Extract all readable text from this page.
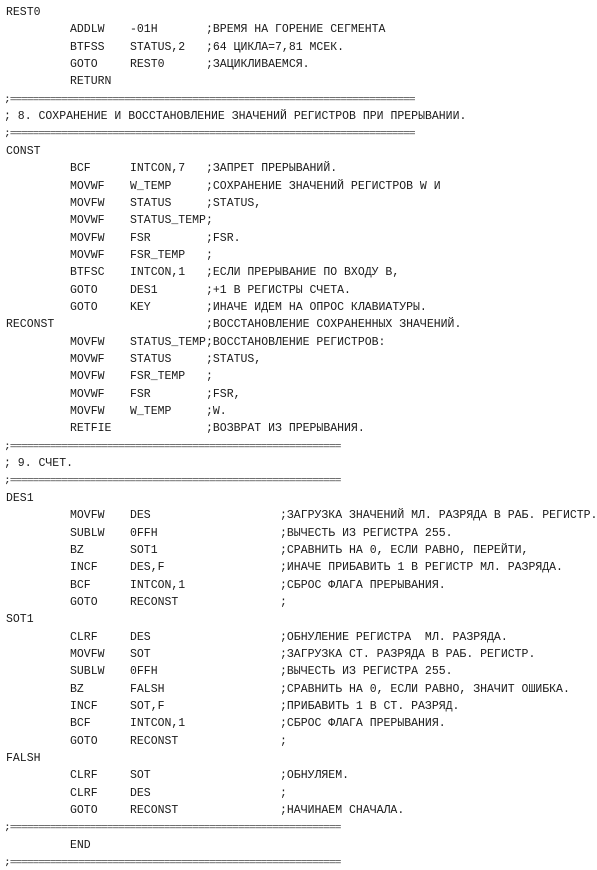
REST0
ADDLW -01H	;ВРЕМЯ НА ГОРЕНИЕ СЕГМЕНТА
BTFSS STATUS,2 ;64 ЦИКЛА=7,81 МСЕК.
GOTO	REST0	;ЗАЦИКЛИВАЕМСЯ.
RETURN
;=======================================================================
; 8. СОХРАНЕНИЕ И ВОССТАНОВЛЕНИЕ ЗНАЧЕНИЙ РЕГИСТРОВ ПРИ ПРЕРЫВАНИИ.
;=======================================================================
CONST
BCF	INTCON,7 ;ЗАПРЕТ ПРЕРЫВАНИЙ.
MOVWF W_TEMP	;СОХРАНЕНИЕ ЗНАЧЕНИЙ РЕГИСТРОВ W И
MOVFW STATUS	;STATUS,
MOVWF STATUS_TEMP ;
MOVFW FSR	;FSR.
MOVWF FSR_TEMP ;
BTFSC INTCON,1 ;ЕСЛИ ПРЕРЫВАНИЕ ПО ВХОДУ В,
GOTO	DES1	;+1 В РЕГИСТРЫ СЧЕТА.
GOTO	KEY	;ИНАЧЕ ИДЕМ НА ОПРОС КЛАВИАТУРЫ.
RECONST	;ВОССТАНОВЛЕНИЕ СОХРАНЕННЫХ ЗНАЧЕНИЙ.
MOVFW STATUS_TEMP ;ВОССТАНОВЛЕНИЕ РЕГИСТРОВ:
MOVWF STATUS	;STATUS,
MOVFW FSR_TEMP ;
MOVWF FSR	;FSR,
MOVFW W_TEMP	;W.
RETFIE	;ВОЗВРАТ ИЗ ПРЕРЫВАНИЯ.
;==========================================================
; 9. СЧЕТ.
;==========================================================
DES1
MOVFW DES	;ЗАГРУЗКА ЗНАЧЕНИЙ МЛ. РАЗРЯДА В РАБ. РЕГИСТР.
SUBLW 0FFH	;ВЫЧЕСТЬ ИЗ РЕГИСТРА 255.
BZ	SOT1	;СРАВНИТЬ НА 0, ЕСЛИ РАВНО, ПЕРЕЙТИ,
INCF	DES,F	;ИНАЧЕ ПРИБАВИТЬ 1 В РЕГИСТР МЛ. РАЗРЯДА.
BCF	INTCON,1	;СБРОС ФЛАГА ПРЕРЫВАНИЯ.
GOTO	RECONST	;
SOT1
CLRF	DES	;ОБНУЛЕНИЕ РЕГИСТРА  МЛ. РАЗРЯДА.
MOVFW SOT	;ЗАГРУЗКА СТ. РАЗРЯДА В РАБ. РЕГИСТР.
SUBLW 0FFH	;ВЫЧЕСТЬ ИЗ РЕГИСТРА 255.
BZ	FALSH	;СРАВНИТЬ НА 0, ЕСЛИ РАВНО, ЗНАЧИТ ОШИБКА.
INCF	SOT,F	;ПРИБАВИТЬ 1 В СТ. РАЗРЯД.
BCF	INTCON,1	;СБРОС ФЛАГА ПРЕРЫВАНИЯ.
GOTO	RECONST	;
FALSH
CLRF	SOT	;ОБНУЛЯЕМ.
CLRF	DES	;
GOTO	RECONST	;НАЧИНАЕМ СНАЧАЛА.
;==========================================================
END
;==========================================================
